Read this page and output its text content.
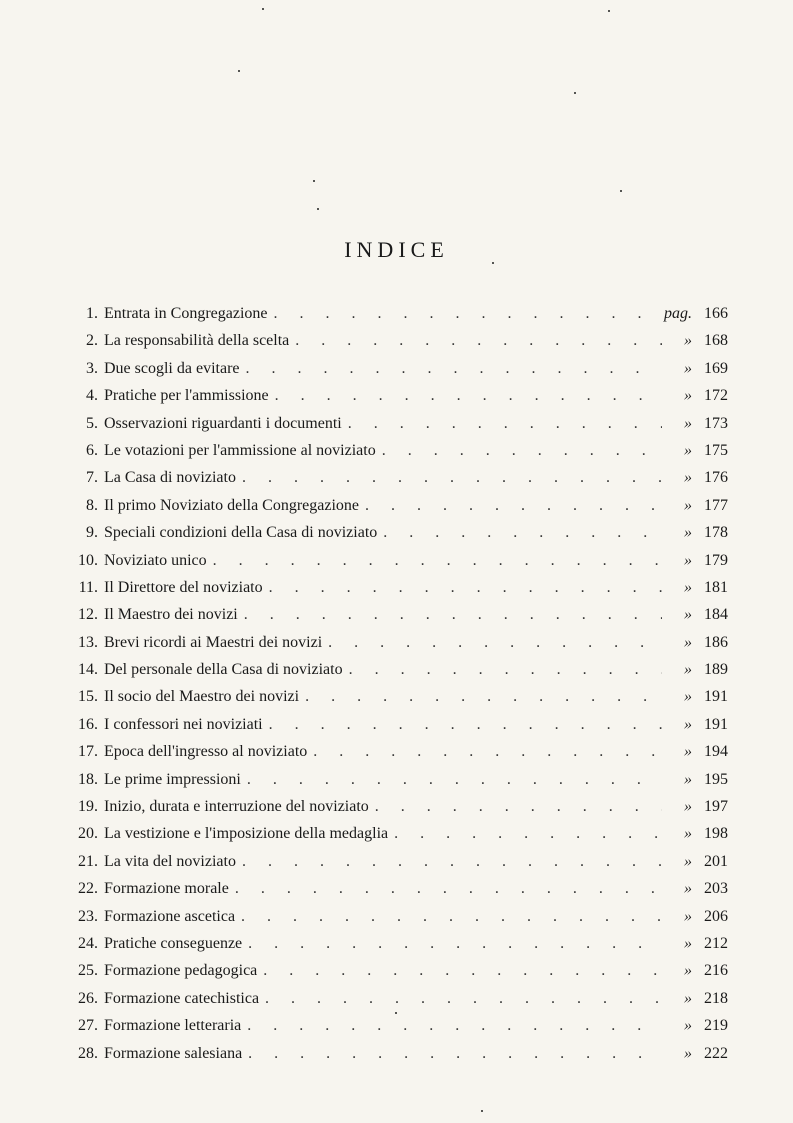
INDICE
1. Entrata in Congregazione . . .	pag. 166
2. La responsabilità della scelta . . .	» 168
3. Due scogli da evitare . . .	» 169
4. Pratiche per l'ammissione . . .	» 172
5. Osservazioni riguardanti i documenti . . .	» 173
6. Le votazioni per l'ammissione al noviziato . . .	» 175
7. La Casa di noviziato . . .	» 176
8. Il primo Noviziato della Congregazione . . .	» 177
9. Speciali condizioni della Casa di noviziato . . .	» 178
10. Noviziato unico . . .	» 179
11. Il Direttore del noviziato . . .	» 181
12. Il Maestro dei novizi . . .	» 184
13. Brevi ricordi ai Maestri dei novizi . . .	» 186
14. Del personale della Casa di noviziato . . .	» 189
15. Il socio del Maestro dei novizi . . .	» 191
16. I confessori nei noviziati . . .	» 191
17. Epoca dell'ingresso al noviziato . . .	» 194
18. Le prime impressioni . . .	» 195
19. Inizio, durata e interruzione del noviziato . . .	» 197
20. La vestizione e l'imposizione della medaglia . . .	» 198
21. La vita del noviziato . . .	» 201
22. Formazione morale . . .	» 203
23. Formazione ascetica . . .	» 206
24. Pratiche conseguenze . . .	» 212
25. Formazione pedagogica . . .	» 216
26. Formazione catechistica . . .	» 218
27. Formazione letteraria . . .	» 219
28. Formazione salesiana . . .	» 222
